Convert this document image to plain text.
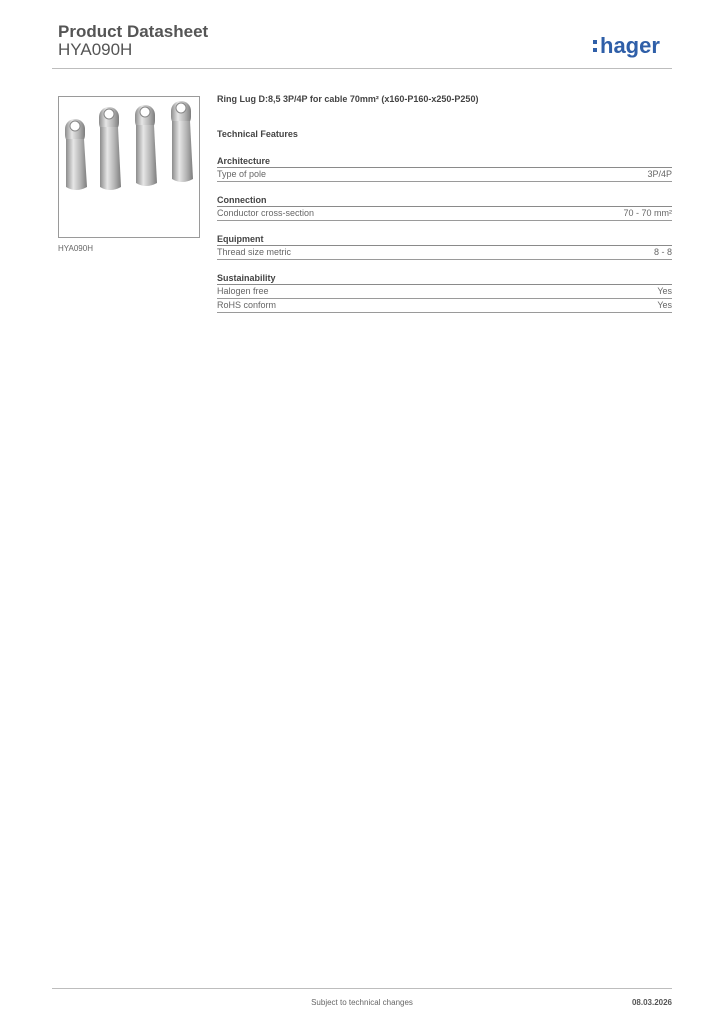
Product Datasheet
HYA090H	hager
HYA090H
Ring Lug D:8,5 3P/4P for cable 70mm² (x160-P160-x250-P250)
Technical Features
Architecture
Type of pole	3P/4P
Connection
Conductor cross-section	70 - 70 mm²
Equipment
Thread size metric	8 - 8
Sustainability
Halogen free	Yes
RoHS conform	Yes
Subject to technical changes	08.03.2026
